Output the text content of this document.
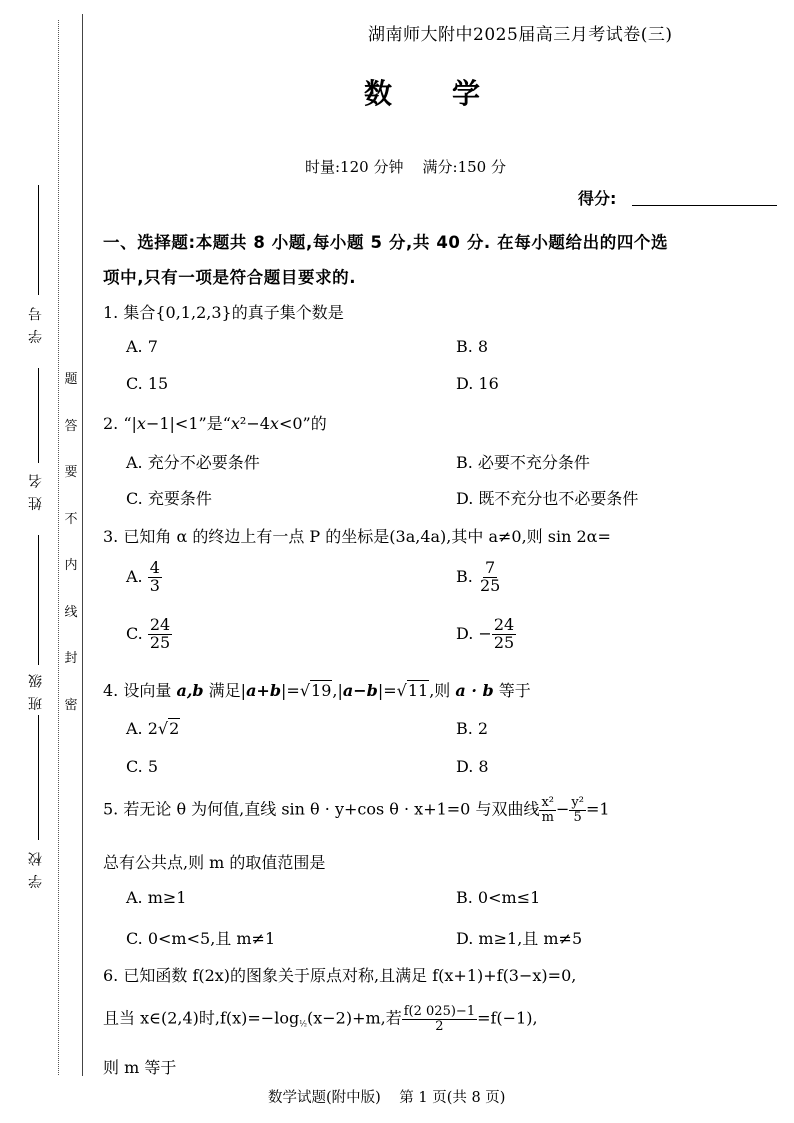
学 号
姓 名
班 级
学 校
题
答
要
不
内
线
封
密
湖南师大附中2025届高三月考试卷(三)
数学
时量:120 分钟    满分:150 分
得分:
一、选择题:本题共 8 小题,每小题 5 分,共 40 分. 在每小题给出的四个选
项中,只有一项是符合题目要求的.
1. 集合{0,1,2,3}的真子集个数是
A. 7	B. 8
C. 15	D. 16
2. “|x−1|<1”是“x²−4x<0”的
A. 充分不必要条件	B. 必要不充分条件
C. 充要条件	D. 既不充分也不必要条件
3. 已知角 α 的终边上有一点 P 的坐标是(3a,4a),其中 a≠0,则 sin 2α=
A. $\frac{4}{3}$	B. $\frac{7}{25}$
C. $\frac{24}{25}$	D. − $\frac{24}{25}$
4. 设向量 a,b 满足|a+b|=√19,|a−b|=√11,则 a · b 等于
A. 2√2	B. 2
C. 5	D. 8
5. 若无论 θ 为何值,直线 sin θ · y+cos θ · x+1=0 与双曲线 $\frac{\text{x²}}{m} - \frac{\text{y²}}{5} =1$
总有公共点,则 m 的取值范围是
A. m≥1	B. 0<m≤1
C. 0<m<5,且 m≠1	D. m≥1,且 m≠5
6. 已知函数 f(2x)的图象关于原点对称,且满足 f(x+1)+f(3−x)=0,
且当 x∈(2,4)时,f(x)=−log½(x−2)+m,若 $\frac{f(2 025)-1}{2} =f(-1)$,
则 m 等于
数学试题(附中版)    第 1 页(共 8 页)
